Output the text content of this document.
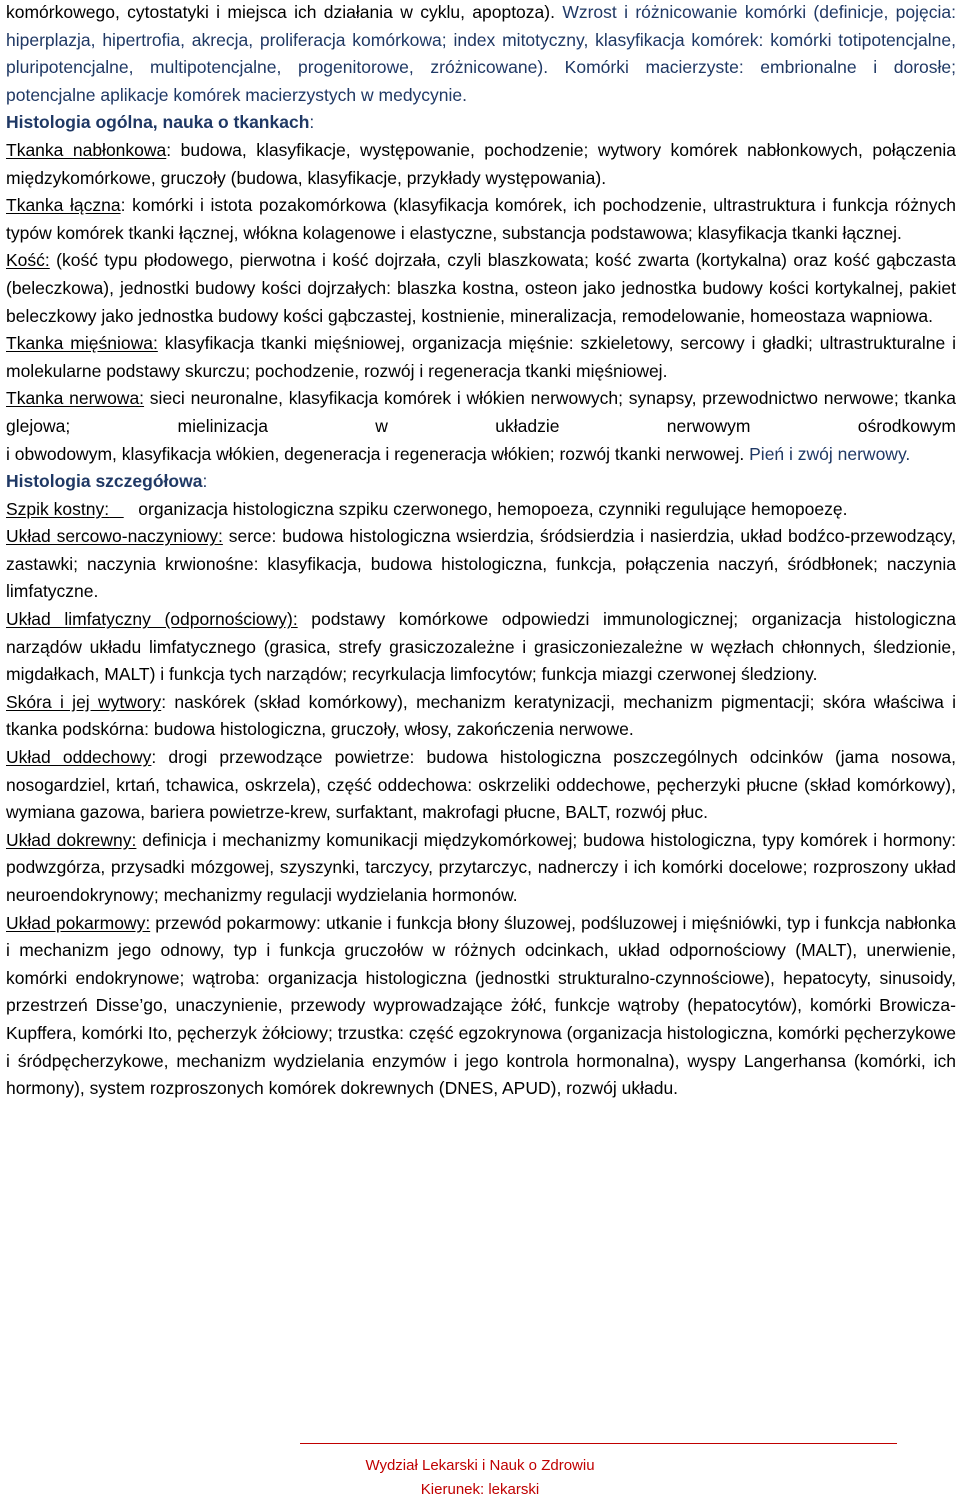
komórkowego, cytostatyki i miejsca ich działania w cyklu, apoptoza). Wzrost i różnicowanie komórki (definicje, pojęcia: hiperplazja, hipertrofia, akrecja, proliferacja komórkowa; index mitotyczny, klasyfikacja komórek: komórki totipotencjalne, pluripotencjalne, multipotencjalne, progenitorowe, zróżnicowane). Komórki macierzyste: embrionalne i dorosłe; potencjalne aplikacje komórek macierzystych w medycynie.

Histologia ogólna, nauka o tkankach:

Tkanka nabłonkowa: budowa, klasyfikacje, występowanie, pochodzenie; wytwory komórek nabłonkowych, połączenia międzykomórkowe, gruczoły (budowa, klasyfikacje, przykłady występowania).

Tkanka łączna: komórki i istota pozakomórkowa (klasyfikacja komórek, ich pochodzenie, ultrastruktura i funkcja różnych typów komórek tkanki łącznej, włókna kolagenowe i elastyczne, substancja podstawowa; klasyfikacja tkanki łącznej.

Kość: (kość typu płodowego, pierwotna i kość dojrzała, czyli blaszkowata; kość zwarta (kortykalna) oraz kość gąbczasta (beleczkowa), jednostki budowy kości dojrzałych: blaszka kostna, osteon jako jednostka budowy kości kortykalnej, pakiet beleczkowy jako jednostka budowy kości gąbczastej, kostnienie, mineralizacja, remodelowanie, homeostaza wapniowa.

Tkanka mięśniowa: klasyfikacja tkanki mięśniowej, organizacja mięśnie: szkieletowy, sercowy i gładki; ultrastrukturalne i molekularne podstawy skurczu; pochodzenie, rozwój i regeneracja tkanki mięśniowej.

Tkanka nerwowa: sieci neuronalne, klasyfikacja komórek i włókien nerwowych; synapsy, przewodnictwo nerwowe; tkanka glejowa; mielinizacja w układzie nerwowym ośrodkowym

i obwodowym, klasyfikacja włókien, degeneracja i regeneracja włókien; rozwój tkanki nerwowej. Pień i zwój nerwowy.

Histologia szczegółowa:

Szpik kostny: organizacja histologiczna szpiku czerwonego, hemopoeza, czynniki regulujące hemopoezę.

Układ sercowo-naczyniowy: serce: budowa histologiczna wsierdzia, śródsierdzia i nasierdzia, układ bodźco-przewodzący, zastawki; naczynia krwionośne: klasyfikacja, budowa histologiczna, funkcja, połączenia naczyń, śródbłonek; naczynia limfatyczne.

Układ limfatyczny (odpornościowy): podstawy komórkowe odpowiedzi immunologicznej; organizacja histologiczna narządów układu limfatycznego (grasica, strefy grasiczozależne i grasiczoniezależne w węzłach chłonnych, śledzionie, migdałkach, MALT) i funkcja tych narządów; recyrkulacja limfocytów; funkcja miazgi czerwonej śledziony.

Skóra i jej wytwory: naskórek (skład komórkowy), mechanizm keratynizacji, mechanizm pigmentacji; skóra właściwa i tkanka podskórna: budowa histologiczna, gruczoły, włosy, zakończenia nerwowe.

Układ oddechowy: drogi przewodzące powietrze: budowa histologiczna poszczególnych odcinków (jama nosowa, nosogardziel, krtań, tchawica, oskrzela), część oddechowa: oskrzeliki oddechowe, pęcherzyki płucne (skład komórkowy), wymiana gazowa, bariera powietrze-krew, surfaktant, makrofagi płucne, BALT, rozwój płuc.

Układ dokrewny: definicja i mechanizmy komunikacji międzykomórkowej; budowa histologiczna, typy komórek i hormony: podwzgórza, przysadki mózgowej, szyszynki, tarczycy, przytarczyc, nadnerczy i ich komórki docelowe; rozproszony układ neuroendokrynowy; mechanizmy regulacji wydzielania hormonów.

Układ pokarmowy: przewód pokarmowy: utkanie i funkcja błony śluzowej, podśluzowej i mięśniówki, typ i funkcja nabłonka i mechanizm jego odnowy, typ i funkcja gruczołów w różnych odcinkach, układ odpornościowy (MALT), unerwienie, komórki endokrynowe; wątroba: organizacja histologiczna (jednostki strukturalno-czynnościowe), hepatocyty, sinusoidy, przestrzeń Disse’go, unaczynienie, przewody wyprowadzające żółć, funkcje wątroby (hepatocytów), komórki Browicza-Kupffera, komórki Ito, pęcherzyk żółciowy; trzustka: część egzokrynowa (organizacja histologiczna, komórki pęcherzykowe i śródpęcherzykowe, mechanizm wydzielania enzymów i jego kontrola hormonalna), wyspy Langerhansa (komórki, ich hormony), system rozproszonych komórek dokrewnych (DNES, APUD), rozwój układu.

Wydział Lekarski i Nauk o Zdrowiu
Kierunek: lekarski
